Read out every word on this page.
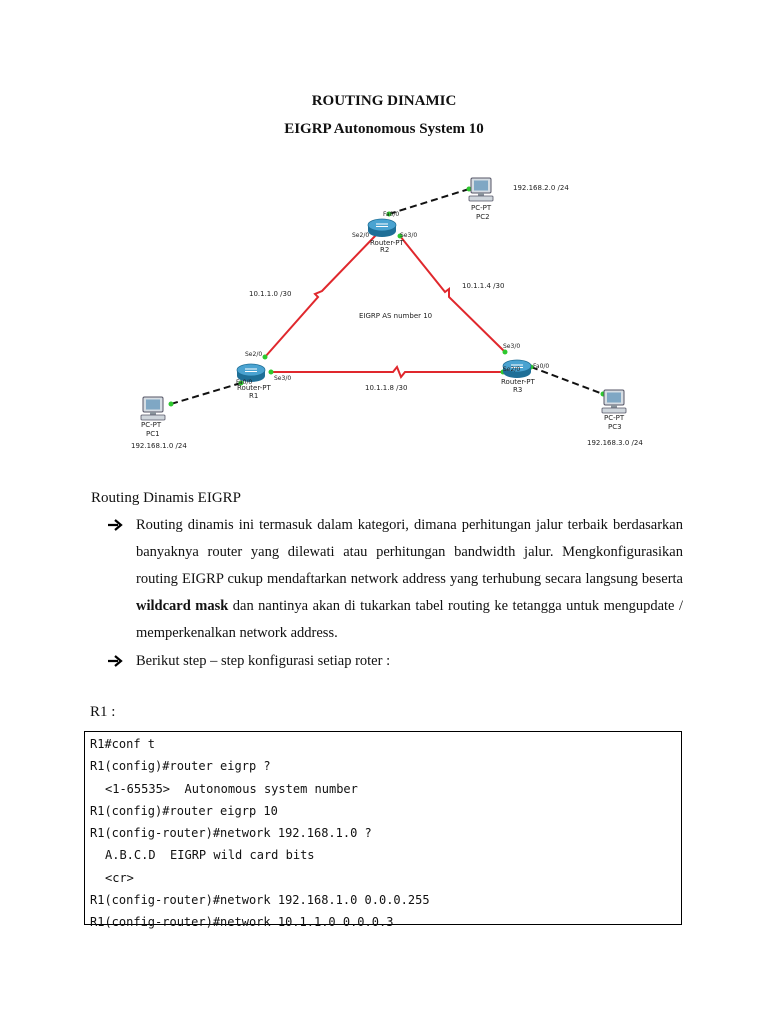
ROUTING DINAMIC
EIGRP Autonomous System 10
PC-PT
PC1
192.168.1.0 /24
PC-PT
PC2
192.168.2.0 /24
PC-PT
PC3
192.168.3.0 /24
Router-PT
R1
Router-PT
R2
Router-PT
R3
Fa0/0
Se2/0
Se3/0
Fa0/0
Se2/0	Se3/0
Fa0/0
Se2/0
Se3/0
10.1.1.0 /30
10.1.1.4 /30
10.1.1.8 /30
EIGRP AS number 10
Routing Dinamis EIGRP
Routing dinamis ini termasuk dalam kategori, dimana perhitungan jalur terbaik berdasarkan banyaknya router yang dilewati atau perhitungan bandwidth jalur. Mengkonfigurasikan routing EIGRP cukup mendaftarkan network address yang terhubung secara langsung beserta wildcard mask dan nantinya akan di tukarkan tabel routing ke tetangga untuk mengupdate / memperkenalkan network address.
Berikut step – step konfigurasi setiap roter :
R1 :
R1#conf t
R1(config)#router eigrp ?
<1-65535>  Autonomous system number
R1(config)#router eigrp 10
R1(config-router)#network 192.168.1.0 ?
A.B.C.D  EIGRP wild card bits
<cr>
R1(config-router)#network 192.168.1.0 0.0.0.255
R1(config-router)#network 10.1.1.0 0.0.0.3
